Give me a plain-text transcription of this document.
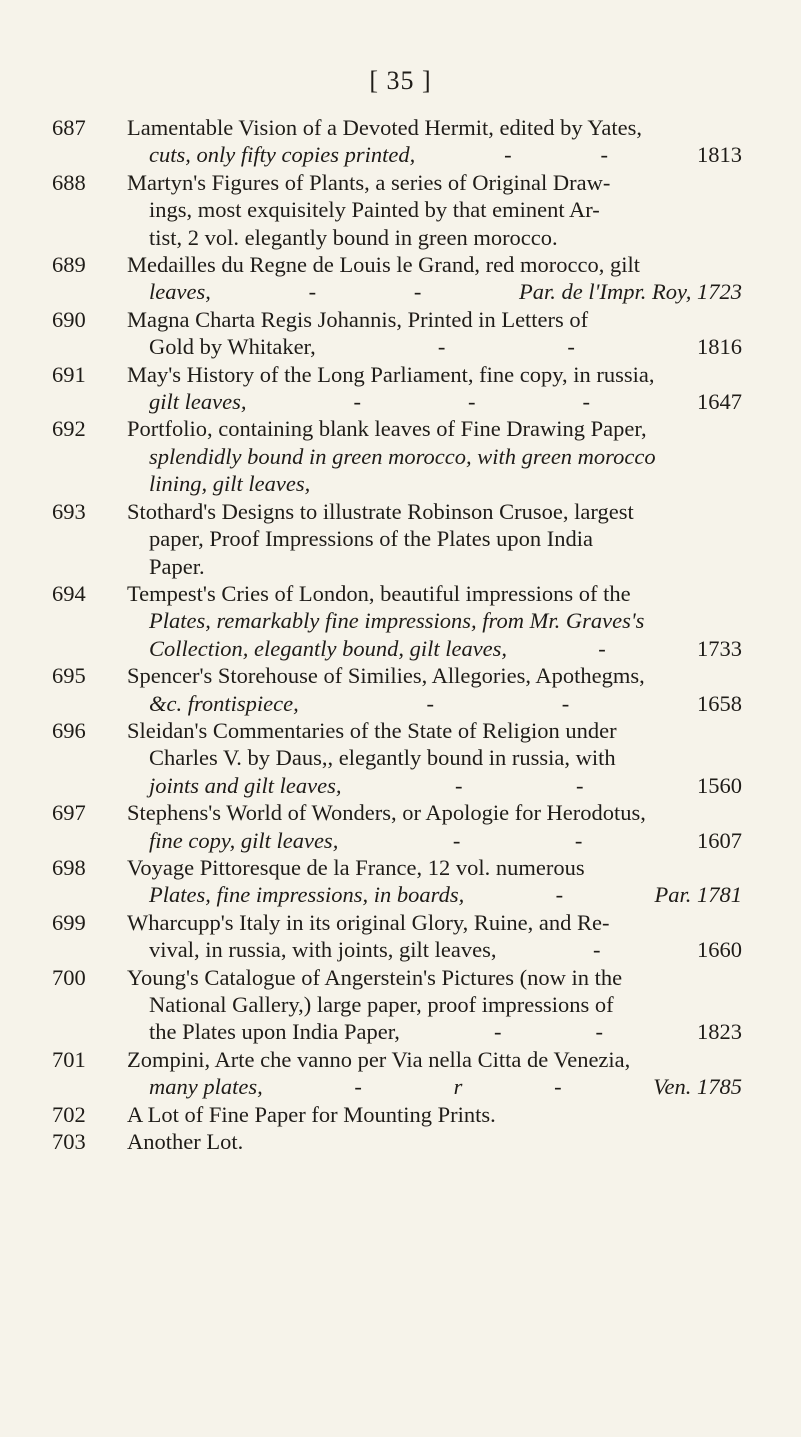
[ 35 ]

687	Lamentable Vision of a Devoted Hermit, edited by Yates,
cuts, only fifty copies printed,	-	-	1813

688	Martyn's Figures of Plants, a series of Original Draw-
ings, most exquisitely Painted by that eminent Ar-
tist, 2 vol. elegantly bound in green morocco.

689	Medailles du Regne de Louis le Grand, red morocco, gilt
leaves,	-	-	Par. de l'Impr. Roy, 1723

690	Magna Charta Regis Johannis, Printed in Letters of
Gold by Whitaker,	-	-	1816

691	May's History of the Long Parliament, fine copy, in russia,
gilt leaves,	-	-	-	1647

692	Portfolio, containing blank leaves of Fine Drawing Paper,
splendidly bound in green morocco, with green morocco
lining, gilt leaves,

693	Stothard's Designs to illustrate Robinson Crusoe, largest
paper, Proof Impressions of the Plates upon India
Paper.

694	Tempest's Cries of London, beautiful impressions of the
Plates, remarkably fine impressions, from Mr. Graves's
Collection, elegantly bound, gilt leaves,	-	1733

695	Spencer's Storehouse of Similies, Allegories, Apothegms,
&c. frontispiece,	-	-	1658

696	Sleidan's Commentaries of the State of Religion under
Charles V. by Daus,, elegantly bound in russia, with
joints and gilt leaves,	-	-	1560

697	Stephens's World of Wonders, or Apologie for Herodotus,
fine copy, gilt leaves,	-	-	1607

698	Voyage Pittoresque de la France, 12 vol. numerous
Plates, fine impressions, in boards,	-	Par. 1781

699	Wharcupp's Italy in its original Glory, Ruine, and Re-
vival, in russia, with joints, gilt leaves,	-	1660

700	Young's Catalogue of Angerstein's Pictures (now in the
National Gallery,) large paper, proof impressions of
the Plates upon India Paper,	-	-	1823

701	Zompini, Arte che vanno per Via nella Citta de Venezia,
many plates,	-	r	-	Ven. 1785

702	A Lot of Fine Paper for Mounting Prints.

703	Another Lot.
